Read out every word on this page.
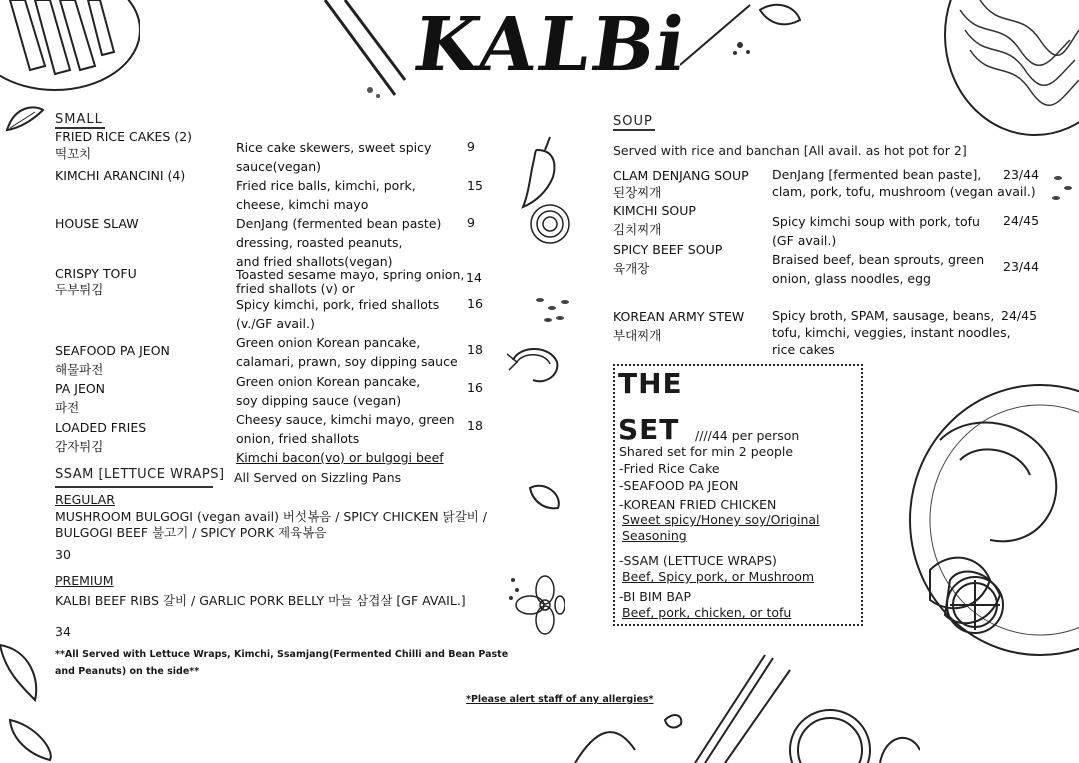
KALBi
SMALL
FRIED RICE CAKES (2)
떡꼬치	Rice cake skewers, sweet spicy
sauce(vegan)
9
KIMCHI ARANCINI (4)
Fried rice balls, kimchi, pork,
cheese, kimchi mayo
15
HOUSE SLAW	DenJang (fermented bean paste)
dressing, roasted peanuts,
and fried shallots(vegan)
9
CRISPY TOFU
두부튀김
Toasted sesame mayo, spring onion,
fried shallots (v) or
14
Spicy kimchi, pork, fried shallots
(v./GF avail.)
16
SEAFOOD PA JEON
해물파전
Green onion Korean pancake,
calamari, prawn, soy dipping sauce
18
PA JEON
파전
Green onion Korean pancake,
soy dipping sauce (vegan)
16
LOADED FRIES
감자튀김
Cheesy sauce, kimchi mayo, green
onion, fried shallots
Kimchi bacon(vo) or bulgogi beef
18
SSAM [LETTUCE WRAPS] All Served on Sizzling Pans
REGULAR
MUSHROOM BULGOGI (vegan avail) 버섯볶음 / SPICY CHICKEN 닭갈비 /
BULGOGI BEEF 불고기 / SPICY PORK 제육볶음
30
PREMIUM
KALBI BEEF RIBS 갈비 / GARLIC PORK BELLY 마늘 삼겹살 [GF AVAIL.]
34
**All Served with Lettuce Wraps, Kimchi, Ssamjang(Fermented Chilli and Bean Paste
and Peanuts) on the side**
SOUP
Served with rice and banchan [All avail. as hot pot for 2]
CLAM DENJANG SOUP
된장찌개
DenJang [fermented bean paste],
clam, pork, tofu, mushroom (vegan avail.)
23/44
KIMCHI SOUP
김치찌개
Spicy kimchi soup with pork, tofu
(GF avail.)
24/45
SPICY BEEF SOUP
육개장
Braised beef, bean sprouts, green
onion, glass noodles, egg
23/44
KOREAN ARMY STEW
부대찌개
Spicy broth, SPAM, sausage, beans,
tofu, kimchi, veggies, instant noodles,
rice cakes
24/45
THE
SET ////44 per person
Shared set for min 2 people
-Fried Rice Cake
-SEAFOOD PA JEON
-KOREAN FRIED CHICKEN
Sweet spicy/Honey soy/Original Seasoning
-SSAM (LETTUCE WRAPS)
Beef, Spicy pork, or Mushroom
-BI BIM BAP
Beef, pork, chicken, or tofu
*Please alert staff of any allergies*
